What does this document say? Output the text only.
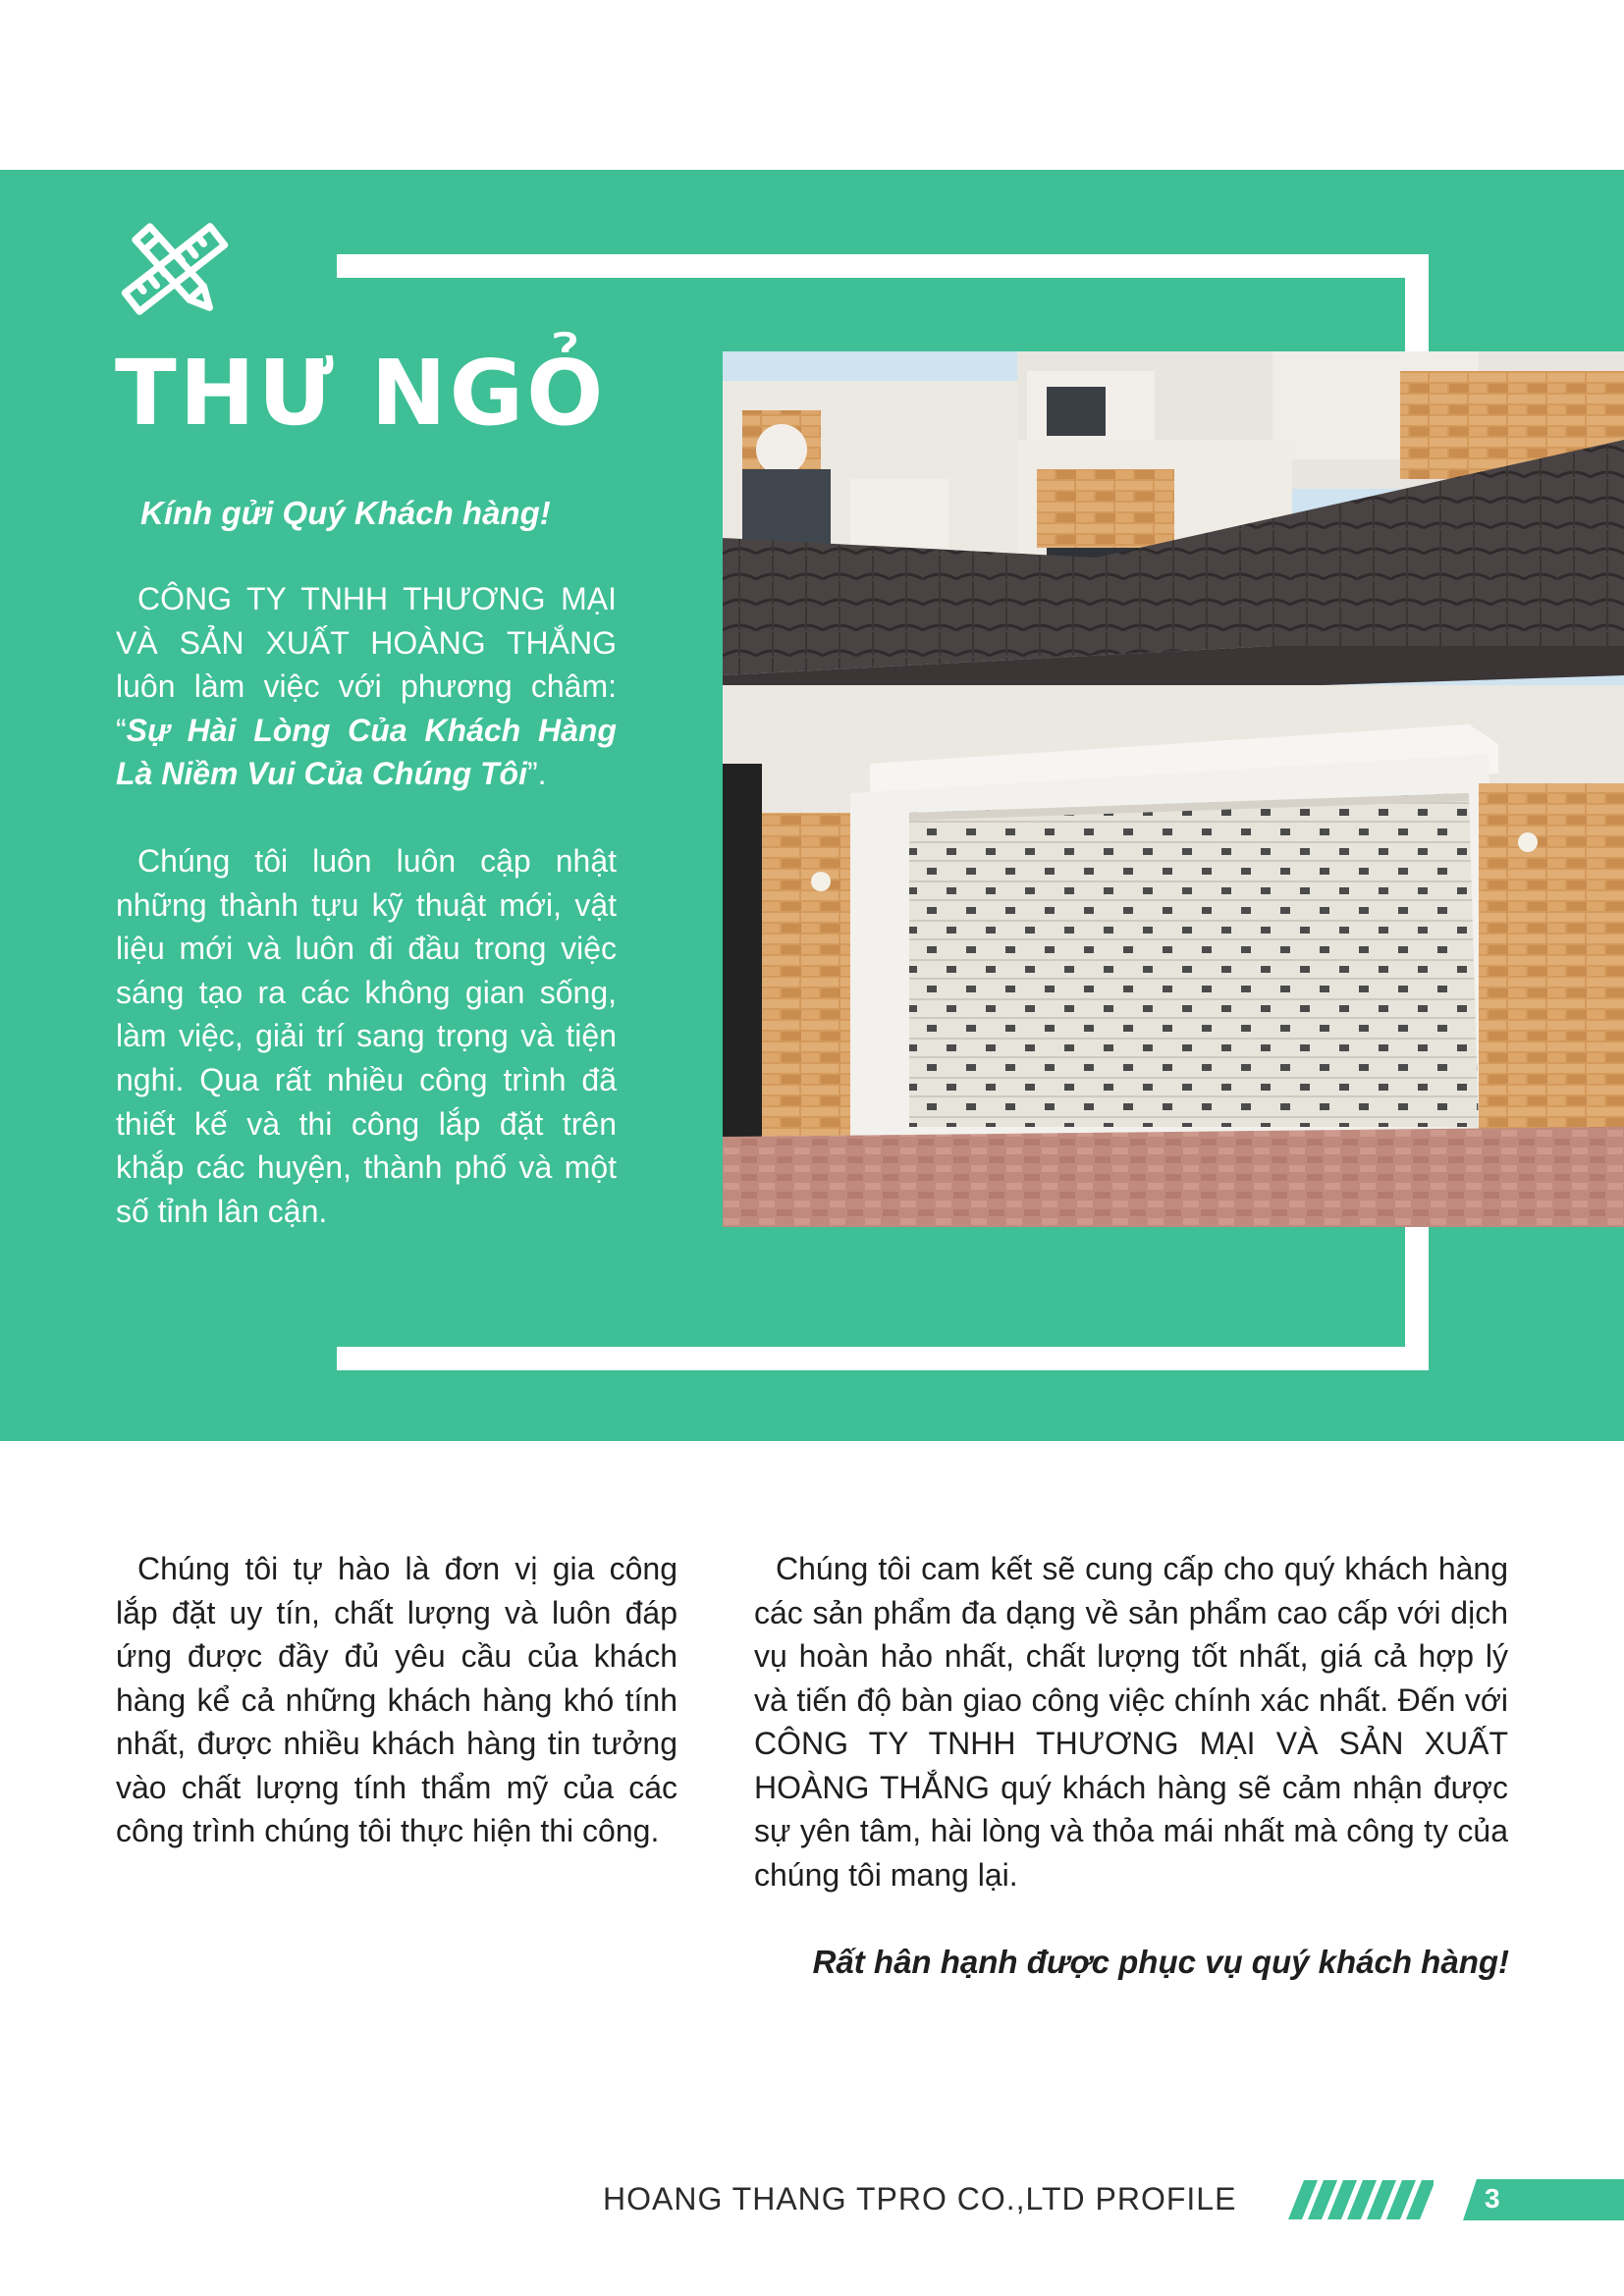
THƯ NGỎ
Kính gửi Quý Khách hàng!
CÔNG TY TNHH THƯƠNG MẠI VÀ SẢN XUẤT HOÀNG THẮNG luôn làm việc với phương châm: “Sự Hài Lòng Của Khách Hàng Là Niềm Vui Của Chúng Tôi”.
Chúng tôi luôn luôn cập nhật những thành tựu kỹ thuật mới, vật liệu mới và luôn đi đầu trong việc sáng tạo ra các không gian sống, làm việc, giải trí sang trọng và tiện nghi. Qua rất nhiều công trình đã thiết kế và thi công lắp đặt trên khắp các huyện, thành phố và một số tỉnh lân cận.
Chúng tôi tự hào là đơn vị gia công lắp đặt uy tín, chất lượng và luôn đáp ứng được đầy đủ yêu cầu của khách hàng kể cả những khách hàng khó tính nhất, được nhiều khách hàng tin tưởng vào chất lượng tính thẩm mỹ của các công trình chúng tôi thực hiện thi công.
Chúng tôi cam kết sẽ cung cấp cho quý khách hàng các sản phẩm đa dạng về sản phẩm cao cấp với dịch vụ hoàn hảo nhất, chất lượng tốt nhất, giá cả hợp lý và tiến độ bàn giao công việc chính xác nhất. Đến với CÔNG TY TNHH THƯƠNG MẠI VÀ SẢN XUẤT HOÀNG THẮNG quý khách hàng sẽ cảm nhận được sự yên tâm, hài lòng và thỏa mái nhất mà công ty của chúng tôi mang lại.

Rất hân hạnh được phục vụ quý khách hàng!

HOANG THANG TPRO CO.,LTD PROFILE	3
